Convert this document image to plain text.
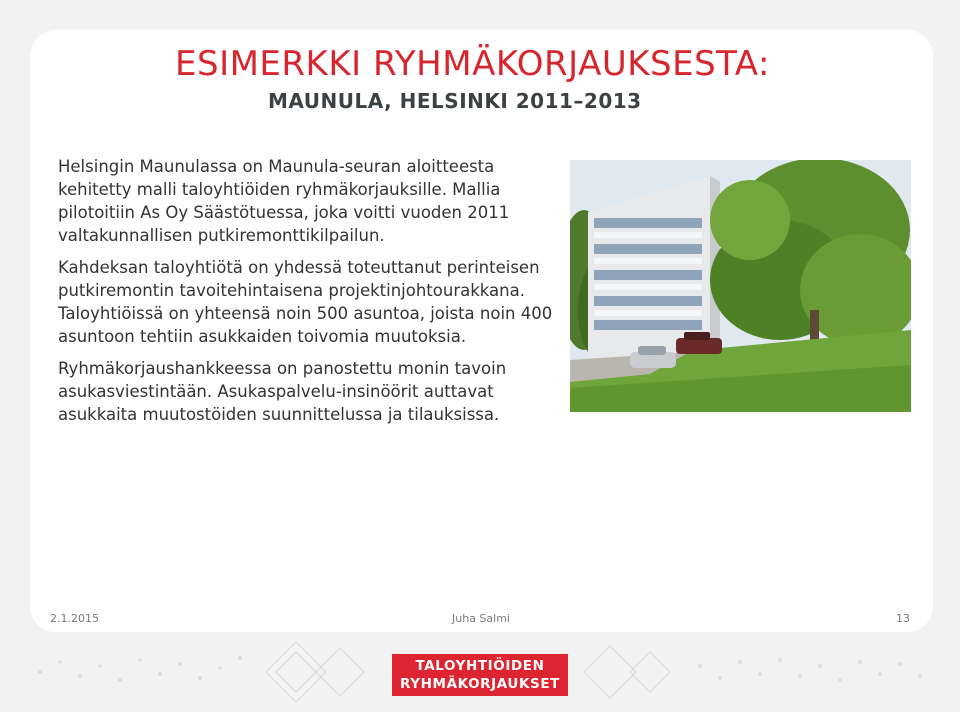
ESIMERKKI RYHMÄKORJAUKSESTA:
MAUNULA, HELSINKI 2011–2013

Helsingin Maunulassa on Maunula-seuran aloitteesta kehitetty malli taloyhtiöiden ryhmäkorjauksille. Mallia pilotoitiin As Oy Säästötuessa, joka voitti vuoden 2011 valtakunnallisen putkiremonttikilpailun.

Kahdeksan taloyhtiötä on yhdessä toteuttanut perinteisen putkiremontin tavoitehintaisena projektinjohtourakkana. Taloyhtiöissä on yhteensä noin 500 asuntoa, joista noin 400 asuntoon tehtiin asukkaiden toivomia muutoksia.

Ryhmäkorjaushankkeessa on panostettu monin tavoin asukasviestintään. Asukaspalvelu-insinöörit auttavat asukkaita muutostöiden suunnittelussa ja tilauksissa.

2.1.2015	Juha Salmi	13
TALOYHTIÖIDEN
RYHMÄKORJAUKSET
